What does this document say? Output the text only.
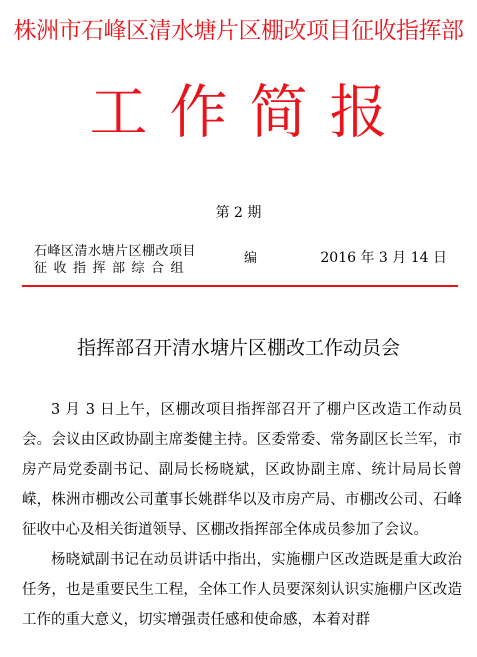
株洲市石峰区清水塘片区棚改项目征收指挥部
工作简报
第 2 期
石峰区清水塘片区棚改项目
征收指挥部综合组
编	2016 年 3 月 14 日
指挥部召开清水塘片区棚改工作动员会

3 月 3 日上午，区棚改项目指挥部召开了棚户区改造工作动员会。会议由区政协副主席娄健主持。区委常委、常务副区长兰军，市房产局党委副书记、副局长杨晓斌，区政协副主席、统计局局长曾嵘，株洲市棚改公司董事长姚群华以及市房产局、市棚改公司、石峰征收中心及相关街道领导、区棚改指挥部全体成员参加了会议。

杨晓斌副书记在动员讲话中指出，实施棚户区改造既是重大政治任务，也是重要民生工程，全体工作人员要深刻认识实施棚户区改造工作的重大意义，切实增强责任感和使命感，本着对群
